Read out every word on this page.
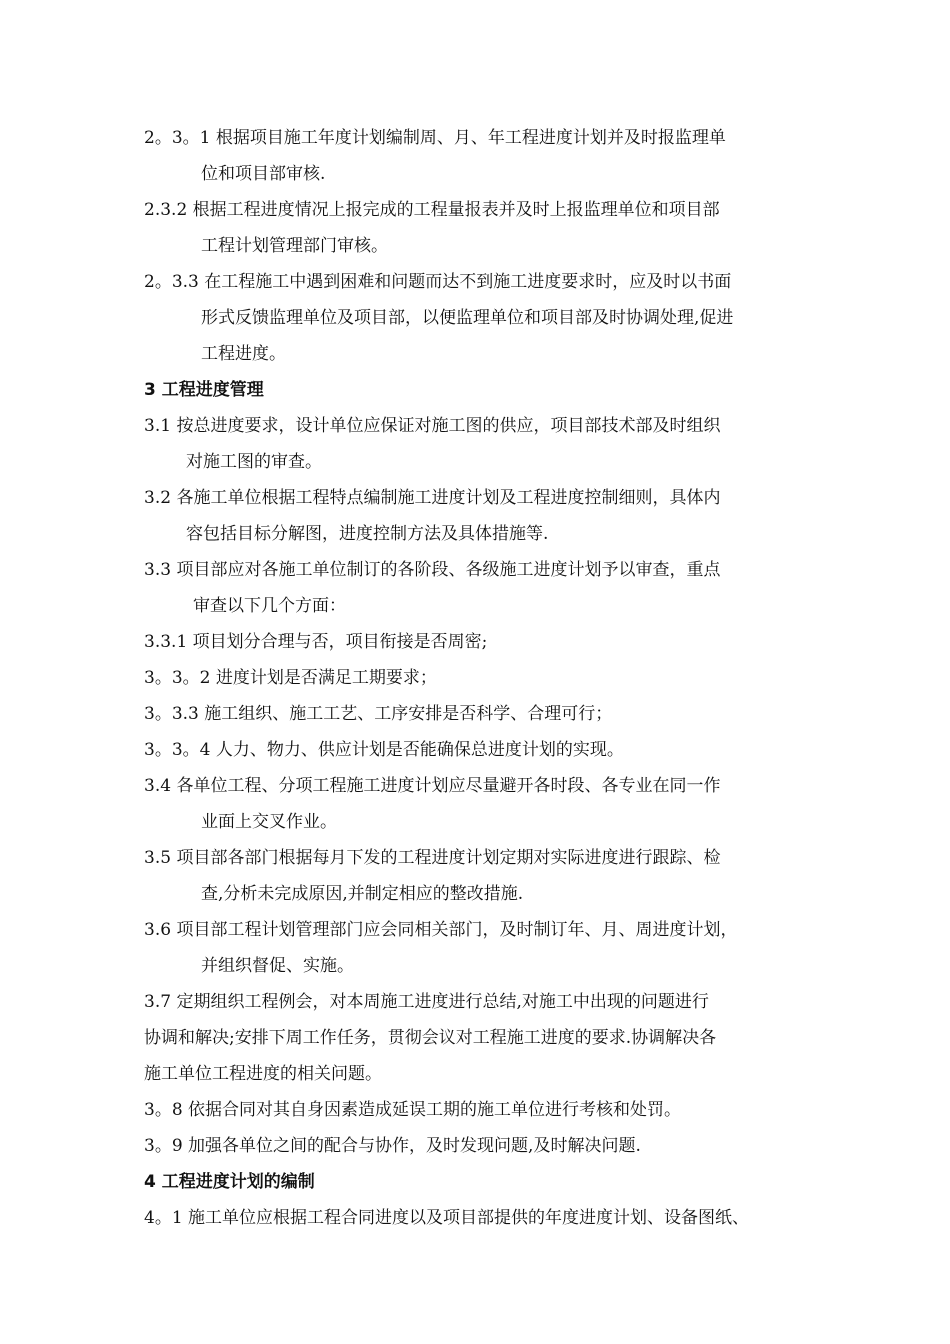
2。3。1 根据项目施工年度计划编制周、月、年工程进度计划并及时报监理单
位和项目部审核.
2.3.2 根据工程进度情况上报完成的工程量报表并及时上报监理单位和项目部
工程计划管理部门审核。
2。3.3 在工程施工中遇到困难和问题而达不到施工进度要求时，应及时以书面
形式反馈监理单位及项目部，以便监理单位和项目部及时协调处理,促进
工程进度。
3 工程进度管理
3.1 按总进度要求，设计单位应保证对施工图的供应，项目部技术部及时组织
对施工图的审查。
3.2 各施工单位根据工程特点编制施工进度计划及工程进度控制细则，具体内
容包括目标分解图，进度控制方法及具体措施等.
3.3 项目部应对各施工单位制订的各阶段、各级施工进度计划予以审查，重点
审查以下几个方面：
3.3.1 项目划分合理与否，项目衔接是否周密;
3。3。2 进度计划是否满足工期要求；
3。3.3 施工组织、施工工艺、工序安排是否科学、合理可行；
3。3。4 人力、物力、供应计划是否能确保总进度计划的实现。
3.4 各单位工程、分项工程施工进度计划应尽量避开各时段、各专业在同一作
业面上交叉作业。
3.5 项目部各部门根据每月下发的工程进度计划定期对实际进度进行跟踪、检
查,分析未完成原因,并制定相应的整改措施.
3.6 项目部工程计划管理部门应会同相关部门，及时制订年、月、周进度计划，
并组织督促、实施。
3.7 定期组织工程例会，对本周施工进度进行总结,对施工中出现的问题进行
协调和解决;安排下周工作任务，贯彻会议对工程施工进度的要求.协调解决各
施工单位工程进度的相关问题。
3。8 依据合同对其自身因素造成延误工期的施工单位进行考核和处罚。
3。9 加强各单位之间的配合与协作，及时发现问题,及时解决问题.
4 工程进度计划的编制
4。1 施工单位应根据工程合同进度以及项目部提供的年度进度计划、设备图纸、
